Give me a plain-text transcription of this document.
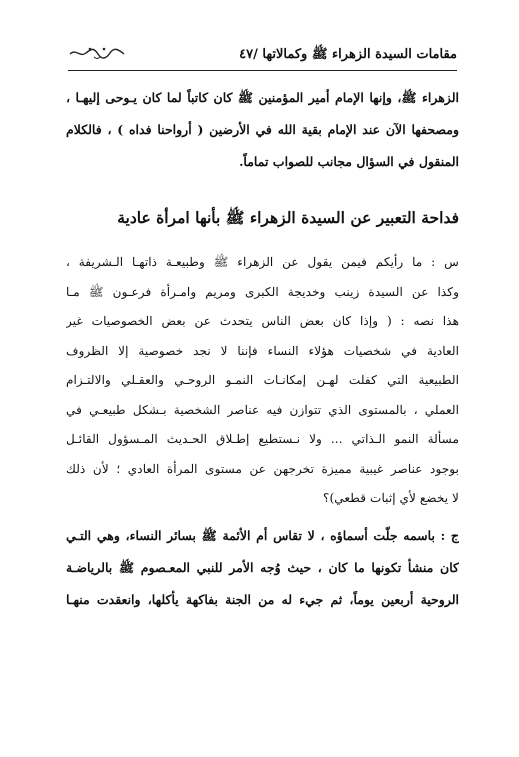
مقامات السيدة الزهراء ﷺ وكمالاتها /٤٧

الزهراء ﷺ، وإنها الإمام أمير المؤمنين ﷺ كان كاتباً لما كان يـوحى إليهـا ،
ومصحفها الآن عند الإمام بقية الله في الأرضين ( أرواحنا فداه ) ، فالكلام
المنقول في السؤال مجانب للصواب تماماً.

فداحة التعبير عن السيدة الزهراء ﷺ بأنها امرأة عادية

س : ما رأيكم فيمن يقول عن الزهراء ﷺ وطبيعـة ذاتهـا الـشريفة ،
وكذا عن السيدة زينب وخديجة الكبرى ومريم وامـرأة فرعـون ﷺ مـا
هذا نصه : ( وإذا كان بعض الناس يتحدث عن بعض الخصوصيات غير
العادية في شخصيات هؤلاء النساء فإننا لا نجد خصوصية إلا الظروف
الطبيعية التي كفلت لهـن إمكانـات النمـو الروحـي والعقـلي والالتـزام
العملي ، بالمستوى الذي تتوازن فيه عناصر الشخصية بـشكل طبيعـي في
مسألة النمو الـذاتي ... ولا نـستطيع إطـلاق الحـديث المـسؤول القائـل
بوجود عناصر غيبية مميزة تخرجهن عن مستوى المرأة العادي ؛ لأن ذلك
لا يخضع لأي إثبات قطعي)؟

ج : باسمه جلّت أسماؤه ، لا تقاس أم الأئمة ﷺ بسائر النساء، وهي التـي
كان منشأ تكونها ما كان ، حيث وُجه الأمر للنبي المعـصوم ﷺ بالرياضـة
الروحية أربعين يوماً، ثم جيء له من الجنة بفاكهة يأكلها، وانعقدت منهـا
